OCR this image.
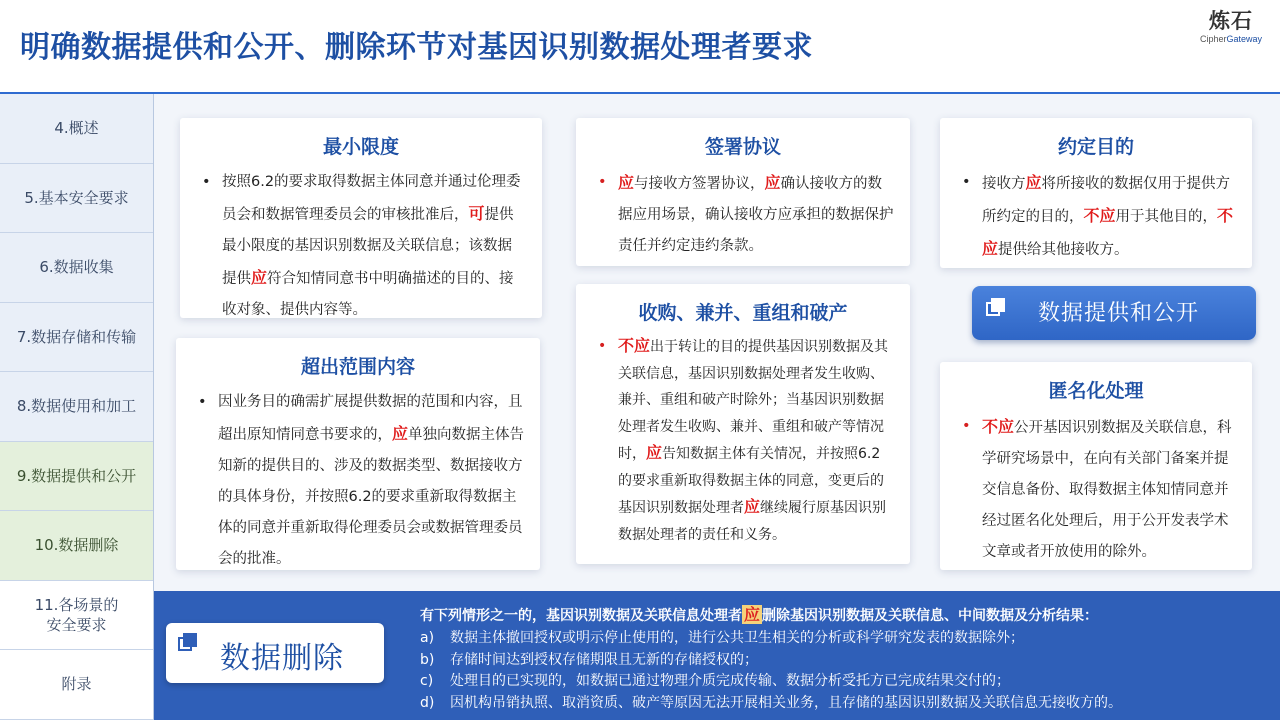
明确数据提供和公开、删除环节对基因识别数据处理者要求
炼石
CipherGateway
4.概述
5.基本安全要求
6.数据收集
7.数据存储和传输
8.数据使用和加工
9.数据提供和公开
10.数据删除
11.各场景的
安全要求
附录
最小限度
• 按照6.2的要求取得数据主体同意并通过伦理委员会和数据管理委员会的审核批准后，可提供最小限度的基因识别数据及关联信息；该数据提供应符合知情同意书中明确描述的目的、接收对象、提供内容等。
签署协议
• 应与接收方签署协议，应确认接收方的数据应用场景，确认接收方应承担的数据保护责任并约定违约条款。
约定目的
• 接收方应将所接收的数据仅用于提供方所约定的目的，不应用于其他目的，不应提供给其他接收方。
数据提供和公开
超出范围内容
• 因业务目的确需扩展提供数据的范围和内容，且超出原知情同意书要求的，应单独向数据主体告知新的提供目的、涉及的数据类型、数据接收方的具体身份，并按照6.2的要求重新取得数据主体的同意并重新取得伦理委员会或数据管理委员会的批准。
收购、兼并、重组和破产
• 不应出于转让的目的提供基因识别数据及其关联信息，基因识别数据处理者发生收购、兼并、重组和破产时除外；当基因识别数据处理者发生收购、兼并、重组和破产等情况时，应告知数据主体有关情况，并按照6.2的要求重新取得数据主体的同意，变更后的基因识别数据处理者应继续履行原基因识别数据处理者的责任和义务。
匿名化处理
• 不应公开基因识别数据及关联信息，科学研究场景中，在向有关部门备案并提交信息备份、取得数据主体知情同意并经过匿名化处理后，用于公开发表学术文章或者开放使用的除外。
数据删除
有下列情形之一的，基因识别数据及关联信息处理者 应 删除基因识别数据及关联信息、中间数据及分析结果：
a) 数据主体撤回授权或明示停止使用的，进行公共卫生相关的分析或科学研究发表的数据除外；
b) 存储时间达到授权存储期限且无新的存储授权的；
c) 处理目的已实现的，如数据已通过物理介质完成传输、数据分析受托方已完成结果交付的；
d) 因机构吊销执照、取消资质、破产等原因无法开展相关业务，且存储的基因识别数据及关联信息无接收方的。
